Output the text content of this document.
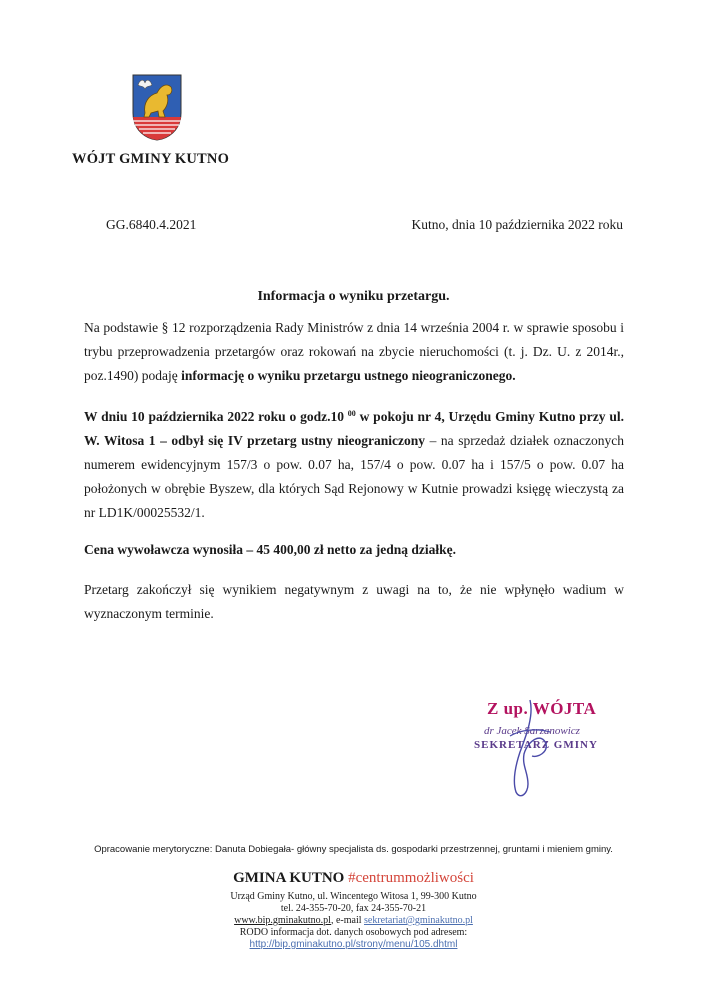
WÓJT GMINY KUTNO
GG.6840.4.2021	Kutno, dnia 10 października 2022 roku
Informacja o wyniku przetargu.
Na podstawie § 12 rozporządzenia Rady Ministrów z dnia 14 września 2004 r. w sprawie sposobu i trybu przeprowadzenia przetargów oraz rokowań na zbycie nieruchomości (t. j. Dz. U. z 2014r., poz.1490) podaję informację o wyniku przetargu ustnego nieograniczonego.
W dniu 10 października 2022 roku o godz.10 $^{00}$ w pokoju nr 4, Urzędu Gminy Kutno przy ul. W. Witosa 1 – odbył się IV przetarg ustny nieograniczony – na sprzedaż działek oznaczonych numerem ewidencyjnym 157/3 o pow. 0.07 ha, 157/4 o pow. 0.07 ha i 157/5 o pow. 0.07 ha położonych w obrębie Byszew, dla których Sąd Rejonowy w Kutnie prowadzi księgę wieczystą za nr LD1K/00025532/1.
Cena wywoławcza wynosiła – 45 400,00 zł netto za jedną działkę.
Przetarg zakończył się wynikiem negatywnym z uwagi na to, że nie wpłynęło wadium w wyznaczonym terminie.
Z up. WÓJTA
dr Jacek Sarzanowicz
SEKRETARZ GMINY
Opracowanie merytoryczne: Danuta Dobiegała- główny specjalista ds. gospodarki przestrzennej, gruntami i mieniem gminy.
GMINA KUTNO #centrummożliwości
Urząd Gminy Kutno, ul. Wincentego Witosa 1, 99-300 Kutno
tel. 24-355-70-20, fax 24-355-70-21
www.bip.gminakutno.pl, e-mail sekretariat@gminakutno.pl
RODO informacja dot. danych osobowych pod adresem:
http://bip.gminakutno.pl/strony/menu/105.dhtml
